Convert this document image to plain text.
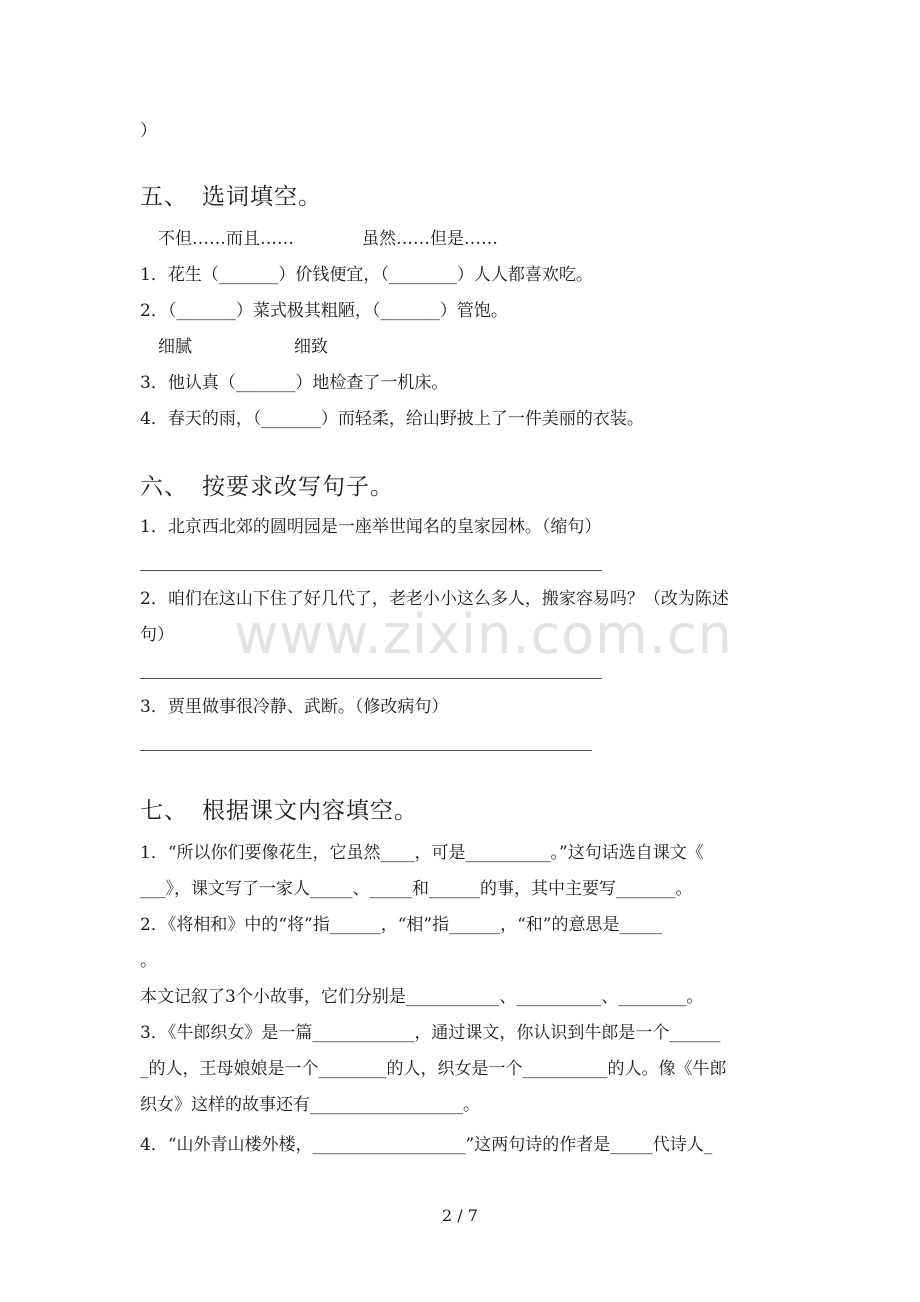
www.zixin.com.cn
）
五、 选词填空。
不但……而且……　　　　虽然……但是……
1．花生（_______）价钱便宜，（________）人人都喜欢吃。
2．（_______）菜式极其粗陋，（_______）管饱。
细腻　　　　　　细致
3．他认真（_______）地检查了一机床。
4．春天的雨，（_______）而轻柔，给山野披上了一件美丽的衣装。
六、 按要求改写句子。
1．北京西北郊的圆明园是一座举世闻名的皇家园林。（缩句）
2．咱们在这山下住了好几代了，老老小小这么多人，搬家容易吗？（改为陈述
句）
3．贾里做事很冷静、武断。（修改病句）
七、 根据课文内容填空。
1．“所以你们要像花生，它虽然____，可是__________。”这句话选自课文《
___》，课文写了一家人_____、_____和______的事，其中主要写_______。
2．《将相和》中的“将”指______，“相”指______，“和”的意思是_____
。
本文记叙了3个小故事，它们分别是___________、__________、________。
3．《牛郎织女》是一篇____________，通过课文，你认识到牛郎是一个______
_的人，王母娘娘是一个________的人，织女是一个__________的人。像《牛郎
织女》这样的故事还有__________________。
4．“山外青山楼外楼，__________________”这两句诗的作者是_____代诗人_
2 / 7
